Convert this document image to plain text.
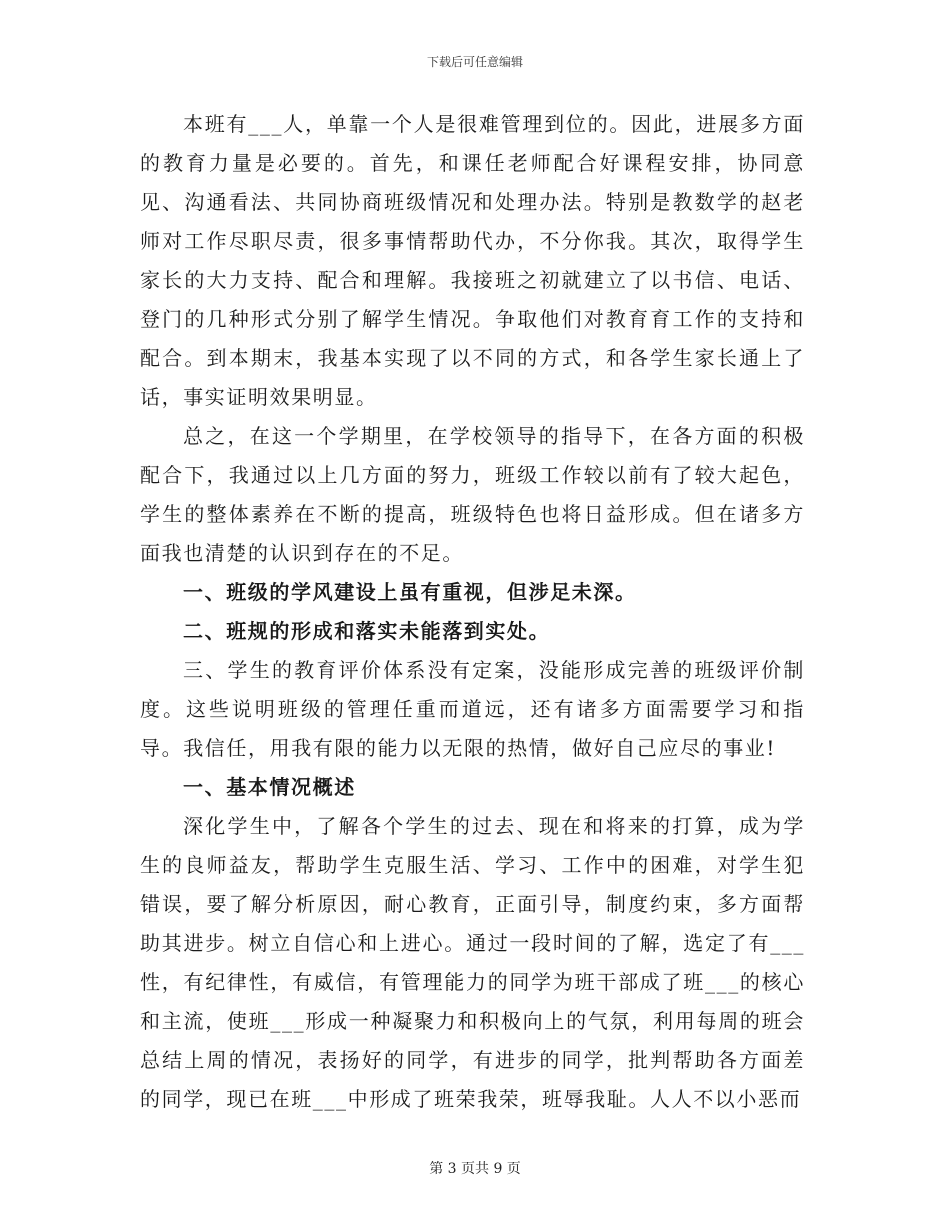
下载后可任意编辑

本班有___人，单靠一个人是很难管理到位的。因此，进展多方面的教育力量是必要的。首先，和课任老师配合好课程安排，协同意见、沟通看法、共同协商班级情况和处理办法。特别是教数学的赵老师对工作尽职尽责，很多事情帮助代办，不分你我。其次，取得学生家长的大力支持、配合和理解。我接班之初就建立了以书信、电话、登门的几种形式分别了解学生情况。争取他们对教育育工作的支持和配合。到本期末，我基本实现了以不同的方式，和各学生家长通上了话，事实证明效果明显。

总之，在这一个学期里，在学校领导的指导下，在各方面的积极配合下，我通过以上几方面的努力，班级工作较以前有了较大起色，学生的整体素养在不断的提高，班级特色也将日益形成。但在诸多方面我也清楚的认识到存在的不足。

一、班级的学风建设上虽有重视，但涉足未深。

二、班规的形成和落实未能落到实处。

三、学生的教育评价体系没有定案，没能形成完善的班级评价制度。这些说明班级的管理任重而道远，还有诸多方面需要学习和指导。我信任，用我有限的能力以无限的热情，做好自己应尽的事业!

一、基本情况概述

深化学生中，了解各个学生的过去、现在和将来的打算，成为学生的良师益友，帮助学生克服生活、学习、工作中的困难，对学生犯错误，要了解分析原因，耐心教育，正面引导，制度约束，多方面帮助其进步。树立自信心和上进心。通过一段时间的了解，选定了有___性，有纪律性，有威信，有管理能力的同学为班干部成了班___的核心和主流，使班___形成一种凝聚力和积极向上的气氛，利用每周的班会总结上周的情况，表扬好的同学，有进步的同学，批判帮助各方面差的同学，现已在班___中形成了班荣我荣，班辱我耻。人人不以小恶而

第 3 页共 9 页
